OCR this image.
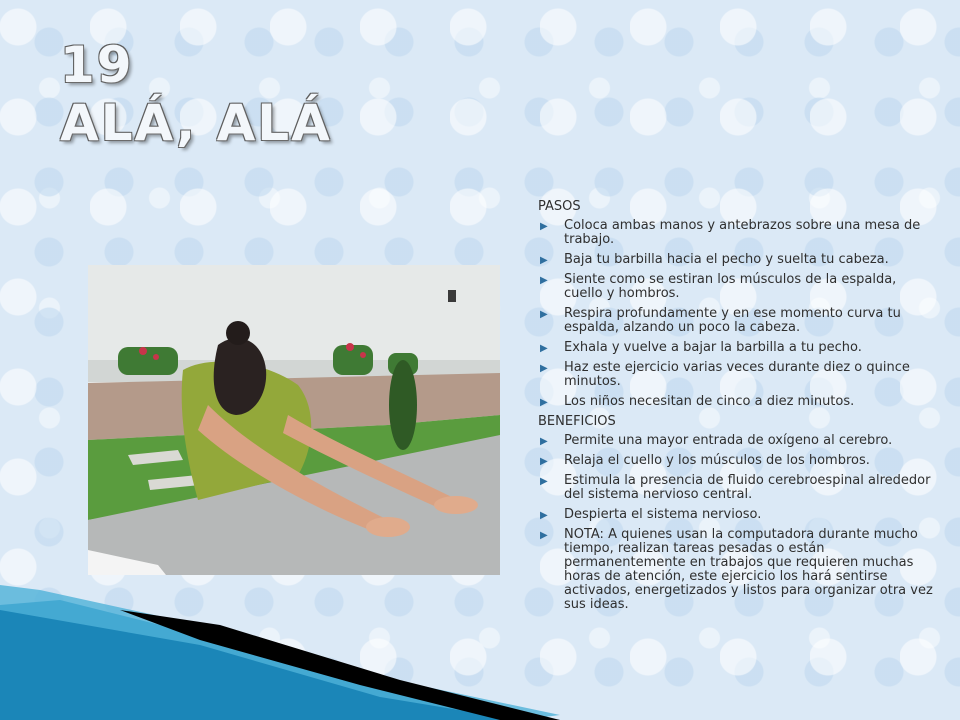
19
ALÁ, ALÁ

PASOS

▶ Coloca ambas manos y antebrazos sobre una mesa de trabajo.
▶ Baja tu barbilla hacia el pecho y suelta tu cabeza.
▶ Siente como se estiran los músculos de la espalda, cuello y hombros.
▶ Respira profundamente y en ese momento curva tu espalda, alzando un poco la cabeza.
▶ Exhala y vuelve a bajar la barbilla a tu pecho.
▶ Haz este ejercicio varias veces durante diez o quince minutos.
▶ Los niños necesitan de cinco a diez minutos.

BENEFICIOS

▶ Permite una mayor entrada de oxígeno al cerebro.
▶ Relaja el cuello y los músculos de los hombros.
▶ Estimula la presencia de fluido cerebroespinal alrededor del sistema nervioso central.
▶ Despierta el sistema nervioso.
▶ NOTA: A quienes usan la computadora durante mucho tiempo, realizan tareas pesadas o están permanentemente en trabajos que requieren muchas horas de atención, este ejercicio los hará sentirse activados, energetizados y listos para organizar otra vez sus ideas.
